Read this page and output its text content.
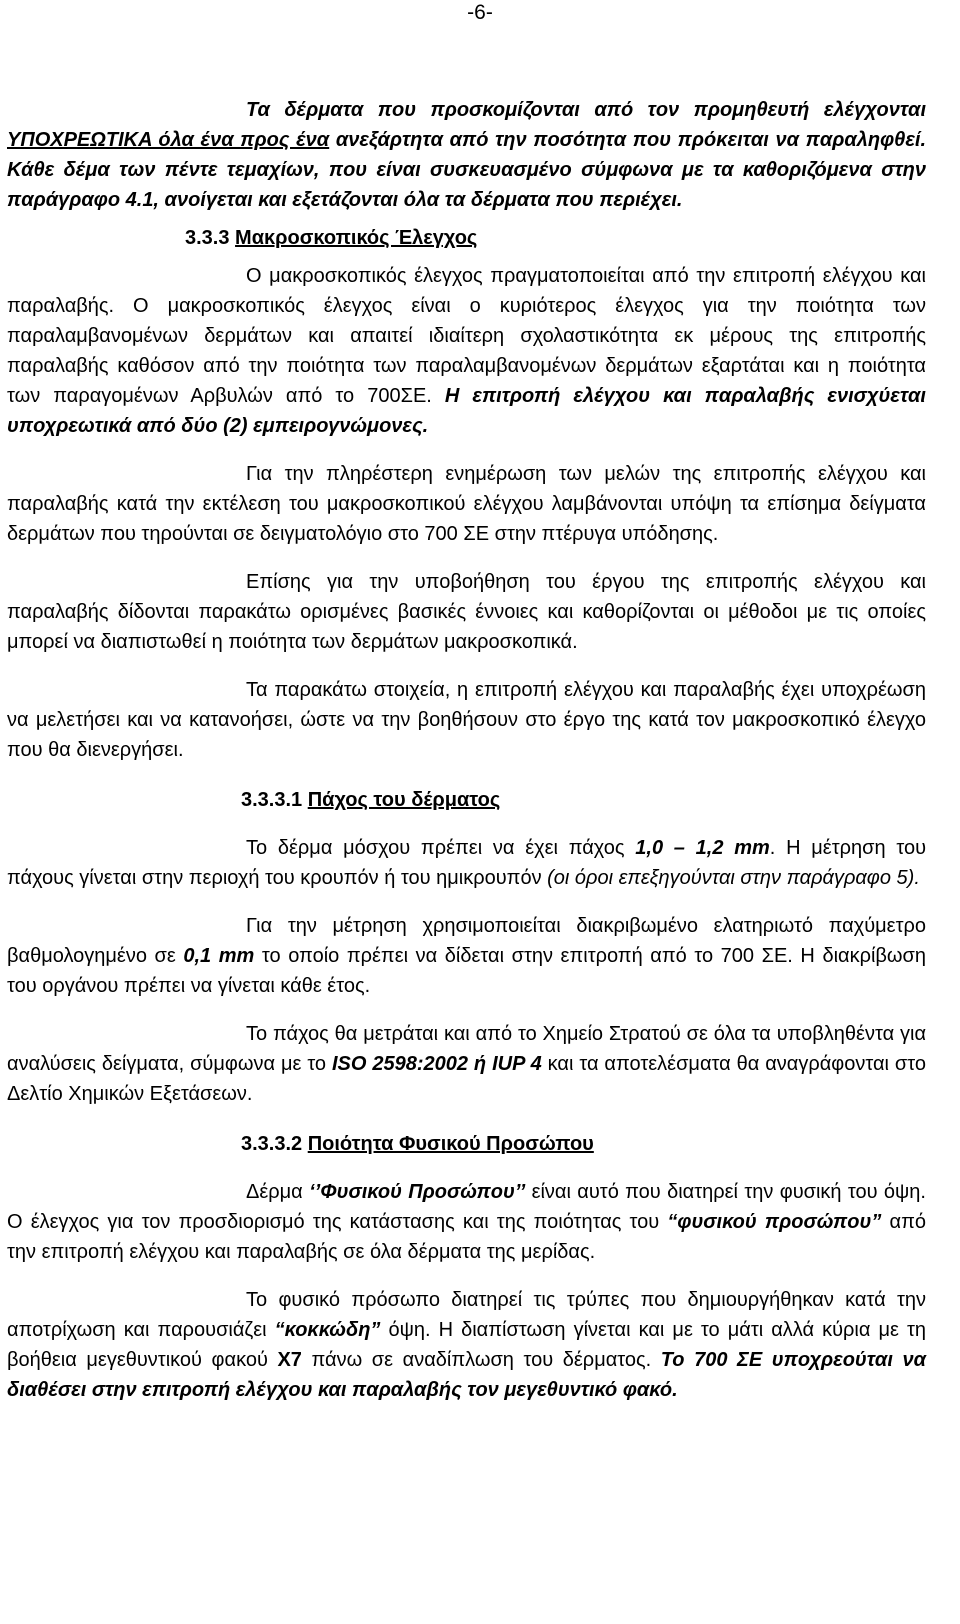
-6-

Τα δέρματα που προσκομίζονται από τον προμηθευτή ελέγχονται ΥΠΟΧΡΕΩΤΙΚΑ όλα ένα προς ένα ανεξάρτητα από την ποσότητα που πρόκειται να παραληφθεί. Κάθε δέμα των πέντε τεμαχίων, που είναι συσκευασμένο σύμφωνα με τα καθοριζόμενα στην παράγραφο 4.1, ανοίγεται και εξετάζονται όλα τα δέρματα που περιέχει.

3.3.3 Μακροσκοπικός Έλεγχος

Ο μακροσκοπικός έλεγχος πραγματοποιείται από την επιτροπή ελέγχου και παραλαβής. Ο μακροσκοπικός έλεγχος είναι ο κυριότερος έλεγχος για την ποιότητα των παραλαμβανομένων δερμάτων και απαιτεί ιδιαίτερη σχολαστικότητα εκ μέρους της επιτροπής παραλαβής καθόσον από την ποιότητα των παραλαμβανομένων δερμάτων εξαρτάται και η ποιότητα των παραγομένων Αρβυλών από το 700ΣΕ. Η επιτροπή ελέγχου και παραλαβής ενισχύεται υποχρεωτικά από δύο (2) εμπειρογνώμονες.

Για την πληρέστερη ενημέρωση των μελών της επιτροπής ελέγχου και παραλαβής κατά την εκτέλεση του μακροσκοπικού ελέγχου λαμβάνονται υπόψη τα επίσημα δείγματα δερμάτων που τηρούνται σε δειγματολόγιο στο 700 ΣΕ στην πτέρυγα υπόδησης.

Επίσης για την υποβοήθηση του έργου της επιτροπής ελέγχου και παραλαβής δίδονται παρακάτω ορισμένες βασικές έννοιες και καθορίζονται οι μέθοδοι με τις οποίες μπορεί να διαπιστωθεί η ποιότητα των δερμάτων μακροσκοπικά.

Τα παρακάτω στοιχεία, η επιτροπή ελέγχου και παραλαβής έχει υποχρέωση να μελετήσει και να κατανοήσει, ώστε να την βοηθήσουν στο έργο της κατά τον μακροσκοπικό έλεγχο που θα διενεργήσει.

3.3.3.1 Πάχος του δέρματος

Το δέρμα μόσχου πρέπει να έχει πάχος 1,0 – 1,2 mm. Η μέτρηση του πάχους γίνεται στην περιοχή του κρουπόν ή του ημικρουπόν (οι όροι επεξηγούνται στην παράγραφο 5).

Για την μέτρηση χρησιμοποιείται διακριβωμένο ελατηριωτό παχύμετρο βαθμολογημένο σε 0,1 mm το οποίο πρέπει να δίδεται στην επιτροπή από το 700 ΣΕ. Η διακρίβωση του οργάνου πρέπει να γίνεται κάθε έτος.

Το πάχος θα μετράται και από το Χημείο Στρατού σε όλα τα υποβληθέντα για αναλύσεις δείγματα, σύμφωνα με το ISO 2598:2002 ή IUP 4 και τα αποτελέσματα θα αναγράφονται στο Δελτίο Χημικών Εξετάσεων.

3.3.3.2 Ποιότητα Φυσικού Προσώπου

Δέρμα ‘’Φυσικού Προσώπου’’ είναι αυτό που διατηρεί την φυσική του όψη. Ο έλεγχος για τον προσδιορισμό της κατάστασης και της ποιότητας του “φυσικού προσώπου” από την επιτροπή ελέγχου και παραλαβής σε όλα δέρματα της μερίδας.

Το φυσικό πρόσωπο διατηρεί τις τρύπες που δημιουργήθηκαν κατά την αποτρίχωση και παρουσιάζει “κοκκώδη” όψη. Η διαπίστωση γίνεται και με το μάτι αλλά κύρια με τη βοήθεια μεγεθυντικού φακού Χ7 πάνω σε αναδίπλωση του δέρματος. Το 700 ΣΕ υποχρεούται να διαθέσει στην επιτροπή ελέγχου και παραλαβής τον μεγεθυντικό φακό.
